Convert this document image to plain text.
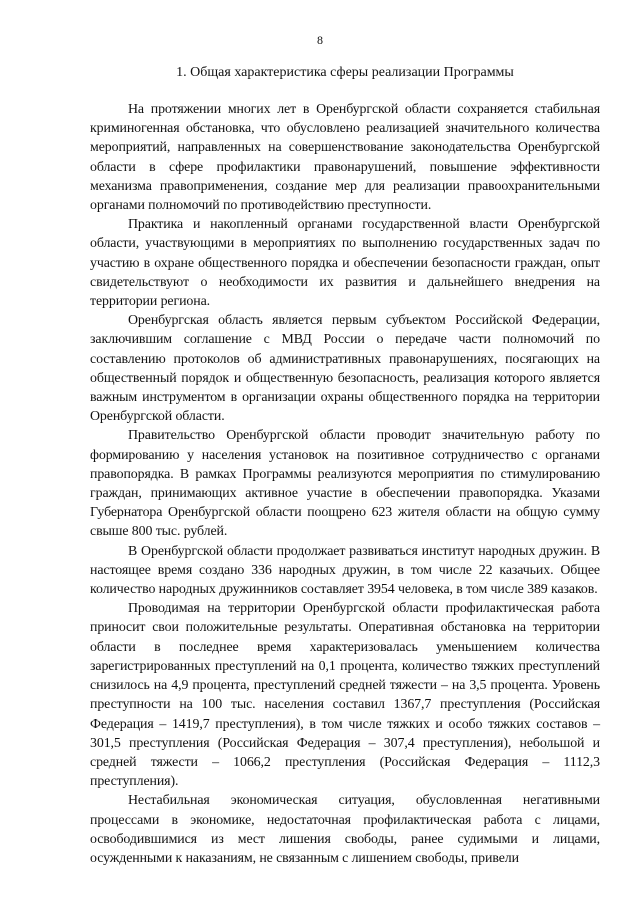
8
1. Общая характеристика сферы реализации Программы

На протяжении многих лет в Оренбургской области сохраняется стабильная криминогенная обстановка, что обусловлено реализацией значительного количества мероприятий, направленных на совершенствование законодательства Оренбургской области в сфере профилактики правонарушений, повышение эффективности механизма правоприменения, создание мер для реализации правоохранительными органами полномочий по противодействию преступности.

Практика и накопленный органами государственной власти Оренбургской области, участвующими в мероприятиях по выполнению государственных задач по участию в охране общественного порядка и обеспечении безопасности граждан, опыт свидетельствуют о необходимости их развития и дальнейшего внедрения на территории региона.

Оренбургская область является первым субъектом Российской Федерации, заключившим соглашение с МВД России о передаче части полномочий по составлению протоколов об административных правонарушениях, посягающих на общественный порядок и общественную безопасность, реализация которого является важным инструментом в организации охраны общественного порядка на территории Оренбургской области.

Правительство Оренбургской области проводит значительную работу по формированию у населения установок на позитивное сотрудничество с органами правопорядка. В рамках Программы реализуются мероприятия по стимулированию граждан, принимающих активное участие в обеспечении правопорядка. Указами Губернатора Оренбургской области поощрено 623 жителя области на общую сумму свыше 800 тыс. рублей.

В Оренбургской области продолжает развиваться институт народных дружин. В настоящее время создано 336 народных дружин, в том числе 22 казачьих. Общее количество народных дружинников составляет 3954 человека, в том числе 389 казаков.

Проводимая на территории Оренбургской области профилактическая работа приносит свои положительные результаты. Оперативная обстановка на территории области в последнее время характеризовалась уменьшением количества зарегистрированных преступлений на 0,1 процента, количество тяжких преступлений снизилось на 4,9 процента, преступлений средней тяжести – на 3,5 процента. Уровень преступности на 100 тыс. населения составил 1367,7 преступления (Российская Федерация – 1419,7 преступления), в том числе тяжких и особо тяжких составов – 301,5 преступления (Российская Федерация – 307,4 преступления), небольшой и средней тяжести – 1066,2 преступления (Российская Федерация – 1112,3 преступления).

Нестабильная экономическая ситуация, обусловленная негативными процессами в экономике, недостаточная профилактическая работа с лицами, освободившимися из мест лишения свободы, ранее судимыми и лицами, осужденными к наказаниям, не связанным с лишением свободы, привели
